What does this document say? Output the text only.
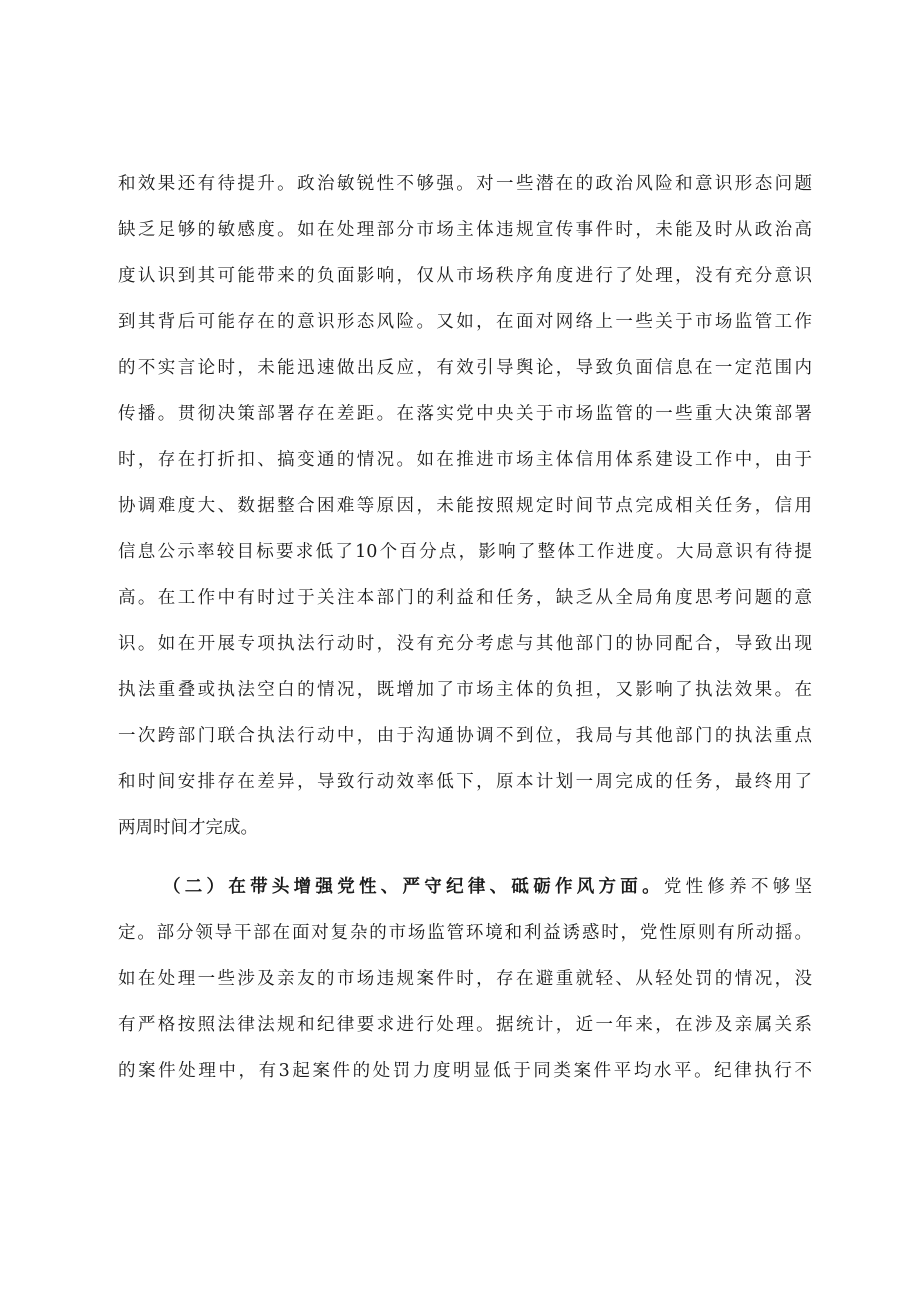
和效果还有待提升。政治敏锐性不够强。对一些潜在的政治风险和意识形态问题

缺乏足够的敏感度。如在处理部分市场主体违规宣传事件时，未能及时从政治高

度认识到其可能带来的负面影响，仅从市场秩序角度进行了处理，没有充分意识

到其背后可能存在的意识形态风险。又如，在面对网络上一些关于市场监管工作

的不实言论时，未能迅速做出反应，有效引导舆论，导致负面信息在一定范围内

传播。贯彻决策部署存在差距。在落实党中央关于市场监管的一些重大决策部署

时，存在打折扣、搞变通的情况。如在推进市场主体信用体系建设工作中，由于

协调难度大、数据整合困难等原因，未能按照规定时间节点完成相关任务，信用

信息公示率较目标要求低了10个百分点，影响了整体工作进度。大局意识有待提

高。在工作中有时过于关注本部门的利益和任务，缺乏从全局角度思考问题的意

识。如在开展专项执法行动时，没有充分考虑与其他部门的协同配合，导致出现

执法重叠或执法空白的情况，既增加了市场主体的负担，又影响了执法效果。在

一次跨部门联合执法行动中，由于沟通协调不到位，我局与其他部门的执法重点

和时间安排存在差异，导致行动效率低下，原本计划一周完成的任务，最终用了

两周时间才完成。

（二）在带头增强党性、严守纪律、砥砺作风方面。党性修养不够坚

定。部分领导干部在面对复杂的市场监管环境和利益诱惑时，党性原则有所动摇。

如在处理一些涉及亲友的市场违规案件时，存在避重就轻、从轻处罚的情况，没

有严格按照法律法规和纪律要求进行处理。据统计，近一年来，在涉及亲属关系

的案件处理中，有3起案件的处罚力度明显低于同类案件平均水平。纪律执行不
